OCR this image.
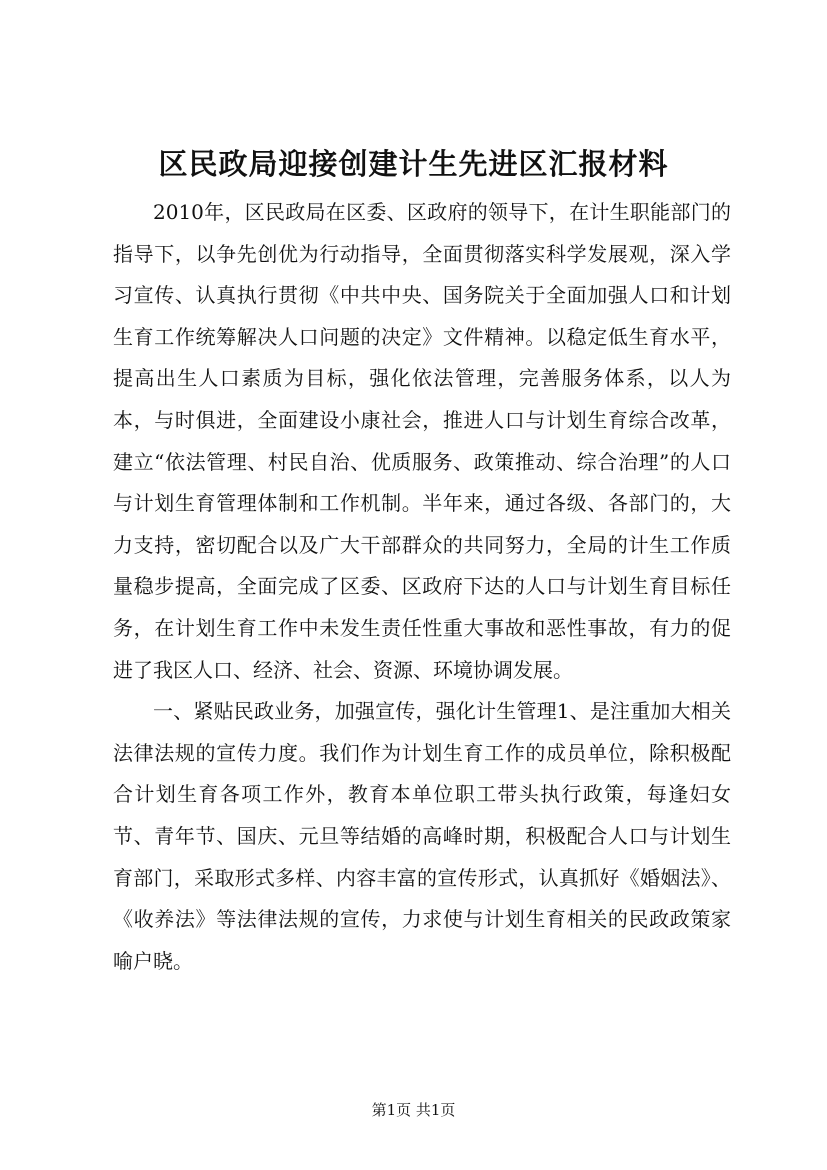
区民政局迎接创建计生先进区汇报材料

2010年，区民政局在区委、区政府的领导下，在计生职能部门的指导下，以争先创优为行动指导，全面贯彻落实科学发展观，深入学习宣传、认真执行贯彻《中共中央、国务院关于全面加强人口和计划生育工作统筹解决人口问题的决定》文件精神。以稳定低生育水平，提高出生人口素质为目标，强化依法管理，完善服务体系，以人为本，与时俱进，全面建设小康社会，推进人口与计划生育综合改革，建立“依法管理、村民自治、优质服务、政策推动、综合治理”的人口与计划生育管理体制和工作机制。半年来，通过各级、各部门的，大力支持，密切配合以及广大干部群众的共同努力，全局的计生工作质量稳步提高，全面完成了区委、区政府下达的人口与计划生育目标任务，在计划生育工作中未发生责任性重大事故和恶性事故，有力的促进了我区人口、经济、社会、资源、环境协调发展。

一、紧贴民政业务，加强宣传，强化计生管理1、是注重加大相关法律法规的宣传力度。我们作为计划生育工作的成员单位，除积极配合计划生育各项工作外，教育本单位职工带头执行政策，每逢妇女节、青年节、国庆、元旦等结婚的高峰时期，积极配合人口与计划生育部门，采取形式多样、内容丰富的宣传形式，认真抓好《婚姻法》、《收养法》等法律法规的宣传，力求使与计划生育相关的民政政策家喻户晓。

第1页 共1页
